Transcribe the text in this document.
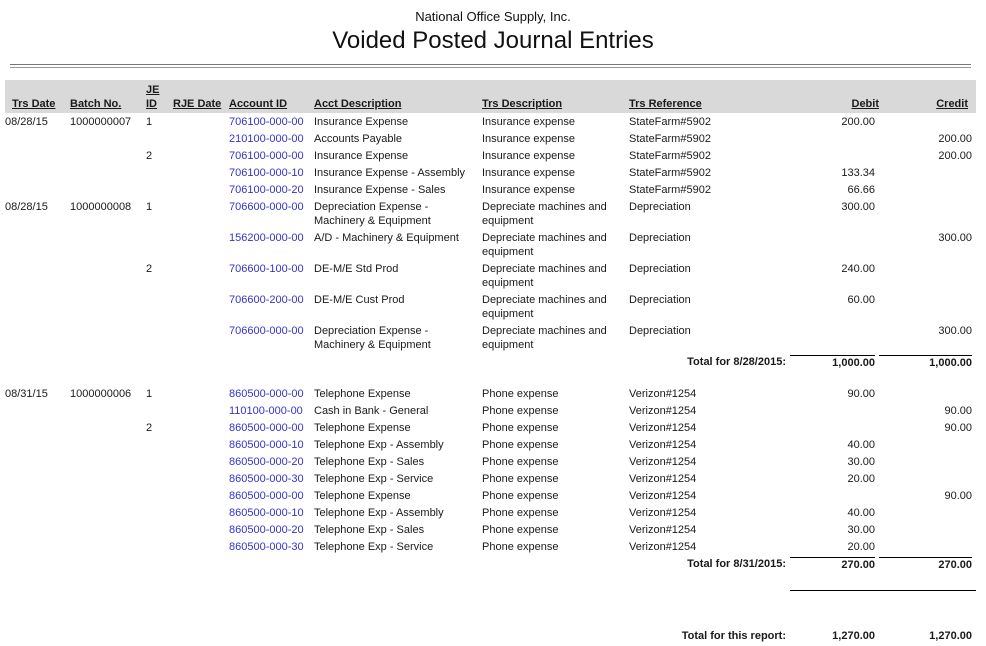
National Office Supply, Inc.
Voided Posted Journal Entries
Trs Date	Batch No.	JE ID	RJE Date	Account ID	Acct Description	Trs Description	Trs Reference	Debit	Credit
08/28/15	1000000007	1		706100-000-00	Insurance Expense	Insurance expense	StateFarm#5902	200.00	
				210100-000-00	Accounts Payable	Insurance expense	StateFarm#5902		200.00
		2		706100-000-00	Insurance Expense	Insurance expense	StateFarm#5902		200.00
				706100-000-10	Insurance Expense - Assembly	Insurance expense	StateFarm#5902	133.34	
				706100-000-20	Insurance Expense - Sales	Insurance expense	StateFarm#5902	66.66	
08/28/15	1000000008	1		706600-000-00	Depreciation Expense - Machinery & Equipment	Depreciate machines and equipment	Depreciation	300.00	
				156200-000-00	A/D - Machinery & Equipment	Depreciate machines and equipment	Depreciation		300.00
		2		706600-100-00	DE-M/E Std Prod	Depreciate machines and equipment	Depreciation	240.00	
				706600-200-00	DE-M/E Cust Prod	Depreciate machines and equipment	Depreciation	60.00	
				706600-000-00	Depreciation Expense - Machinery & Equipment	Depreciate machines and equipment	Depreciation		300.00
Total for 8/28/2015:								1,000.00	1,000.00

08/31/15	1000000006	1		860500-000-00	Telephone Expense	Phone expense	Verizon#1254	90.00	
				110100-000-00	Cash in Bank - General	Phone expense	Verizon#1254		90.00
		2		860500-000-00	Telephone Expense	Phone expense	Verizon#1254		90.00
				860500-000-10	Telephone Exp - Assembly	Phone expense	Verizon#1254	40.00	
				860500-000-20	Telephone Exp - Sales	Phone expense	Verizon#1254	30.00	
				860500-000-30	Telephone Exp - Service	Phone expense	Verizon#1254	20.00	
				860500-000-00	Telephone Expense	Phone expense	Verizon#1254		90.00
				860500-000-10	Telephone Exp - Assembly	Phone expense	Verizon#1254	40.00	
				860500-000-20	Telephone Exp - Sales	Phone expense	Verizon#1254	30.00	
				860500-000-30	Telephone Exp - Service	Phone expense	Verizon#1254	20.00	
Total for 8/31/2015:								270.00	270.00

Total for this report:								1,270.00	1,270.00
